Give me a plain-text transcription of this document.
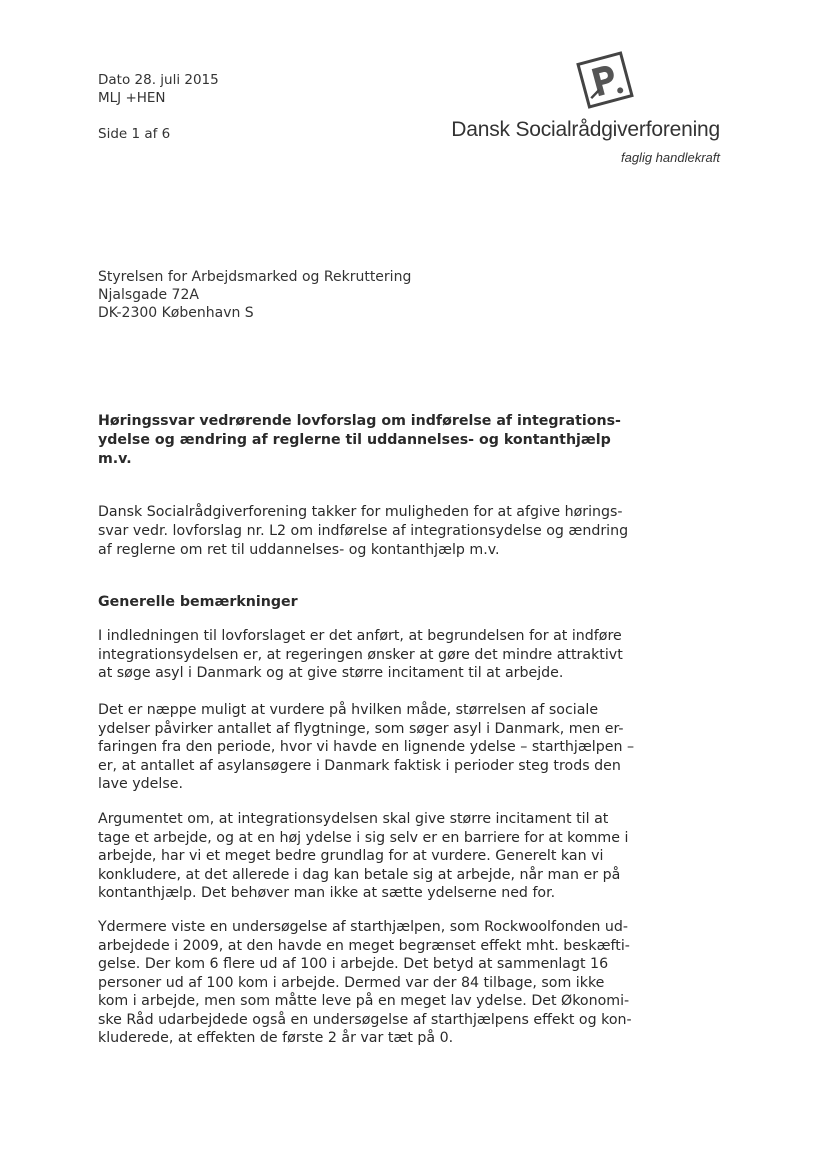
Dato 28. juli 2015
MLJ +HEN
Side 1 af 6	Dansk Socialrådgiverforening
faglig handlekraft
Styrelsen for Arbejdsmarked og Rekruttering
Njalsgade 72A
DK-2300 København S
Høringssvar vedrørende lovforslag om indførelse af integrations-
ydelse og ændring af reglerne til uddannelses- og kontanthjælp
m.v.
Dansk Socialrådgiverforening takker for muligheden for at afgive hørings-
svar vedr. lovforslag nr. L2 om indførelse af integrationsydelse og ændring
af reglerne om ret til uddannelses- og kontanthjælp m.v.
Generelle bemærkninger
I indledningen til lovforslaget er det anført, at begrundelsen for at indføre
integrationsydelsen er, at regeringen ønsker at gøre det mindre attraktivt
at søge asyl i Danmark og at give større incitament til at arbejde.
Det er næppe muligt at vurdere på hvilken måde, størrelsen af sociale
ydelser påvirker antallet af flygtninge, som søger asyl i Danmark, men er-
faringen fra den periode, hvor vi havde en lignende ydelse – starthjælpen –
er, at antallet af asylansøgere i Danmark faktisk i perioder steg trods den
lave ydelse.
Argumentet om, at integrationsydelsen skal give større incitament til at
tage et arbejde, og at en høj ydelse i sig selv er en barriere for at komme i
arbejde, har vi et meget bedre grundlag for at vurdere. Generelt kan vi
konkludere, at det allerede i dag kan betale sig at arbejde, når man er på
kontanthjælp. Det behøver man ikke at sætte ydelserne ned for.
Ydermere viste en undersøgelse af starthjælpen, som Rockwoolfonden ud-
arbejdede i 2009, at den havde en meget begrænset effekt mht. beskæfti-
gelse. Der kom 6 flere ud af 100 i arbejde. Det betyd at sammenlagt 16
personer ud af 100 kom i arbejde. Dermed var der 84 tilbage, som ikke
kom i arbejde, men som måtte leve på en meget lav ydelse. Det Økonomi-
ske Råd udarbejdede også en undersøgelse af starthjælpens effekt og kon-
kluderede, at effekten de første 2 år var tæt på 0.
